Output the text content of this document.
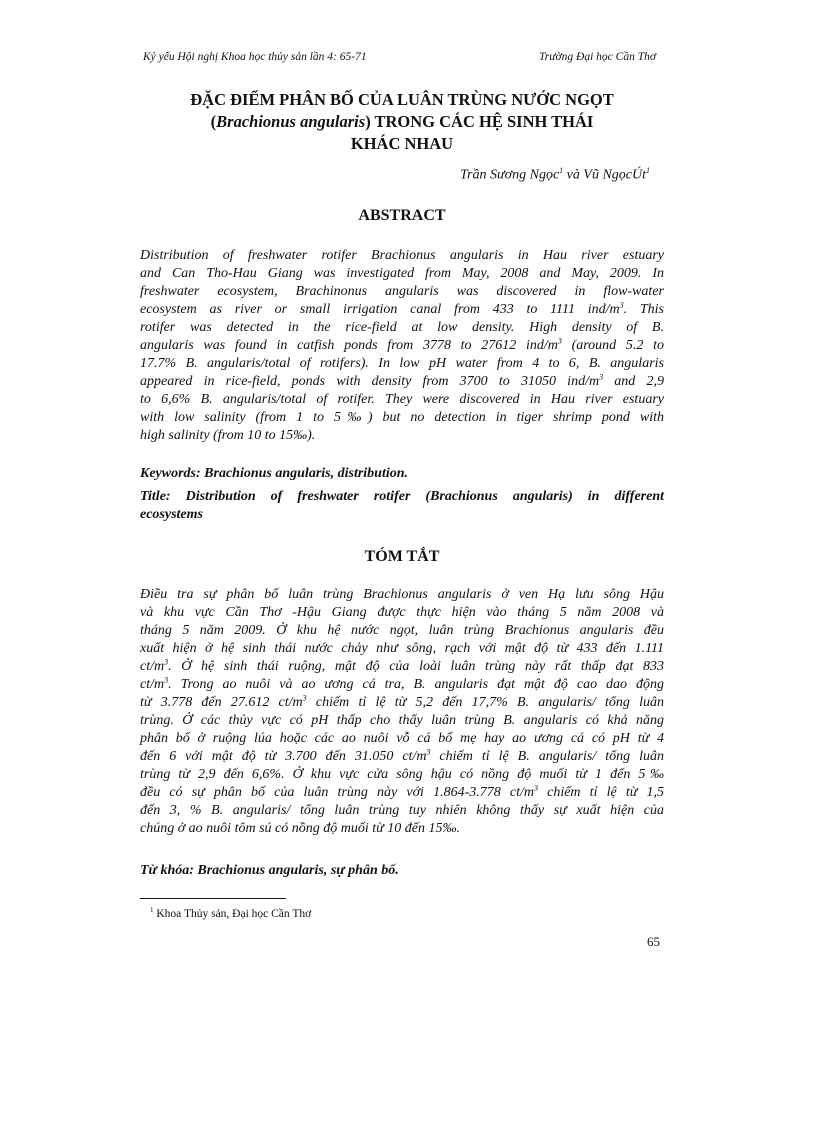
Kỷ yếu Hội nghị Khoa học thủy sản lần 4: 65-71	Trường Đại học Cần Thơ
ĐẶC ĐIỂM PHÂN BỐ CỦA LUÂN TRÙNG NƯỚC NGỌT
(Brachionus angularis) TRONG CÁC HỆ SINH THÁI
KHÁC NHAU
Trần Sương Ngọc$^1$ và Vũ NgọcÚt$^1$
ABSTRACT
Distribution of freshwater rotifer Brachionus angularis in Hau river estuary
and Can Tho-Hau Giang was investigated from May, 2008 and May, 2009. In
freshwater ecosystem, Brachinonus angularis was discovered in flow-water
ecosystem as river or small irrigation canal from 433 to 1111 ind/$m^3$. This
rotifer was detected in the rice-field at low density. High density of B.
angularis was found in catfish ponds from 3778 to 27612 ind/$m^3$ (around 5.2 to
17.7% B. angularis/total of rotifers). In low pH water from 4 to 6, B. angularis
appeared in rice-field, ponds with density from 3700 to 31050 ind/$m^3$ and 2,9
to 6,6% B. angularis/total of rotifer. They were discovered in Hau river estuary
with low salinity (from 1 to 5‰) but no detection in tiger shrimp pond with
high salinity (from 10 to 15‰).
Keywords: Brachionus angularis, distribution.
Title: Distribution of freshwater rotifer (Brachionus angularis) in different
ecosystems
TÓM TẮT
Điều tra sự phân bố luân trùng Brachionus angularis ở ven Hạ lưu sông Hậu
và khu vực Cần Thơ -Hậu Giang được thực hiện vào tháng 5 năm 2008 và
tháng 5 năm 2009. Ở khu hệ nước ngọt, luân trùng Brachionus angularis đều
xuất hiện ở hệ sinh thái nước chảy như sông, rạch với mật độ từ 433 đến 1.111
$ct/m^3$. Ở hệ sinh thái ruộng, mật độ của loài luân trùng này rất thấp đạt 833
$ct/m^3$. Trong ao nuôi và ao ương cá tra, B. angularis đạt mật độ cao dao động
từ 3.778 đến 27.612 $ct/m^3$ chiếm tỉ lệ từ 5,2 đến 17,7% B. angularis/ tổng luân
trùng. Ở các thủy vực có pH thấp cho thấy luân trùng B. angularis có khả năng
phân bố ở ruộng lúa hoặc các ao nuôi vỗ cá bố mẹ hay ao ương cá có pH từ 4
đến 6 với mật độ từ 3.700 đến 31.050 $ct/m^3$ chiếm tỉ lệ B. angularis/ tổng luân
trùng từ 2,9 đến 6,6%. Ở khu vực cửa sông hậu có nồng độ muối từ 1 đến 5‰
đều có sự phân bố của luân trùng này với 1.864-3.778 $ct/m^3$ chiếm tỉ lệ từ 1,5
đến 3, % B. angularis/ tổng luân trùng tuy nhiên không thấy sự xuất hiện của
chúng ở ao nuôi tôm sú có nồng độ muối từ 10 đến 15‰.
Từ khóa: Brachionus angularis, sự phân bố.
$^1$ Khoa Thủy sản, Đại học Cần Thơ
65
